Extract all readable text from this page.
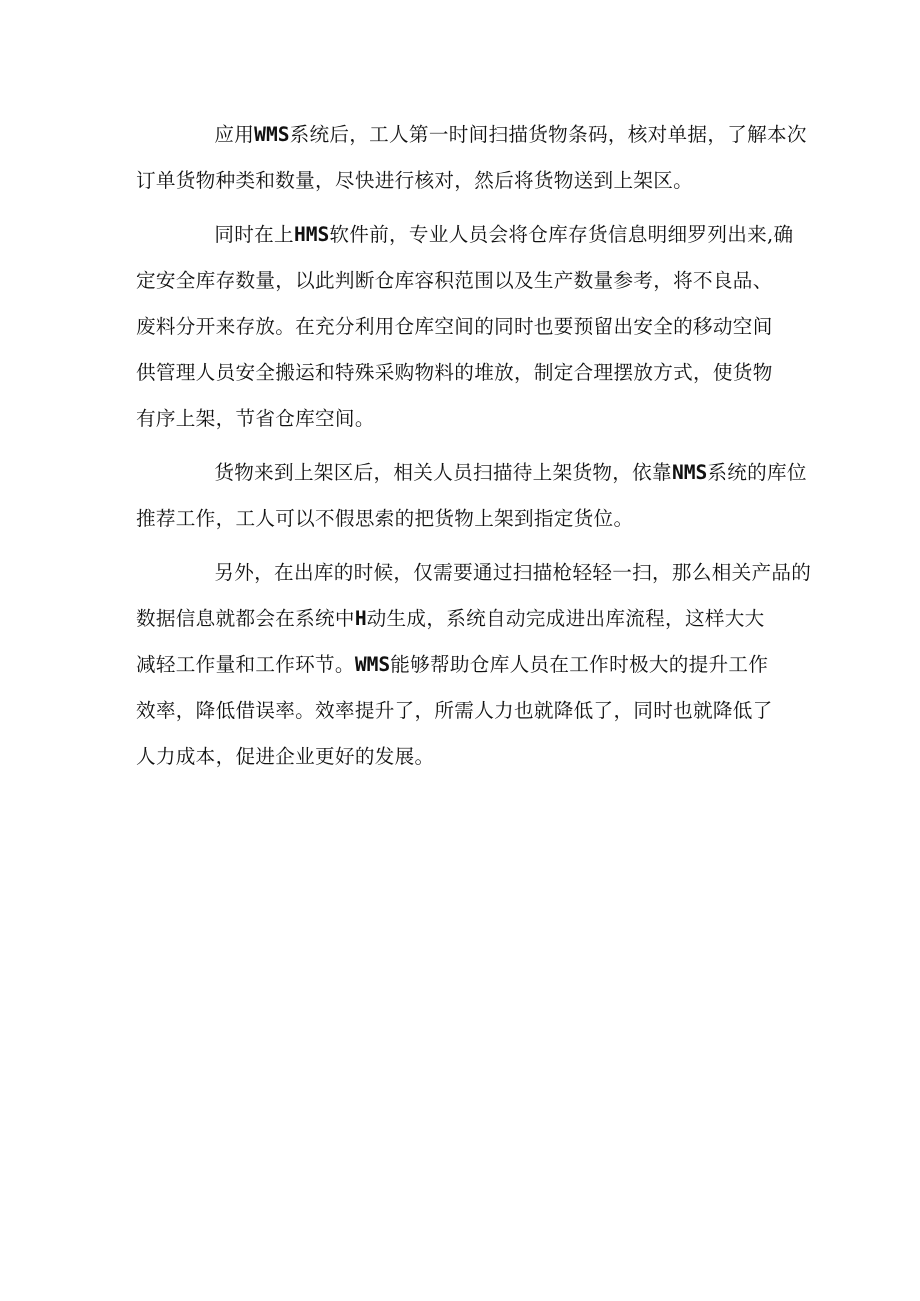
应用WMS系统后，工人第一时间扫描货物条码，核对单据，了解本次
订单货物种类和数量，尽快进行核对，然后将货物送到上架区。

同时在上HMS软件前，专业人员会将仓库存货信息明细罗列出来,确
定安全库存数量，以此判断仓库容积范围以及生产数量参考，将不良品、
废料分开来存放。在充分利用仓库空间的同时也要预留出安全的移动空间
供管理人员安全搬运和特殊采购物料的堆放，制定合理摆放方式，使货物
有序上架，节省仓库空间。

货物来到上架区后，相关人员扫描待上架货物，依靠NMS系统的库位
推荐工作，工人可以不假思索的把货物上架到指定货位。

另外，在出库的时候，仅需要通过扫描枪轻轻一扫，那么相关产品的
数据信息就都会在系统中H动生成，系统自动完成进出库流程，这样大大
减轻工作量和工作环节。WMS能够帮助仓库人员在工作时极大的提升工作
效率，降低借误率。效率提升了，所需人力也就降低了，同时也就降低了
人力成本，促进企业更好的发展。
